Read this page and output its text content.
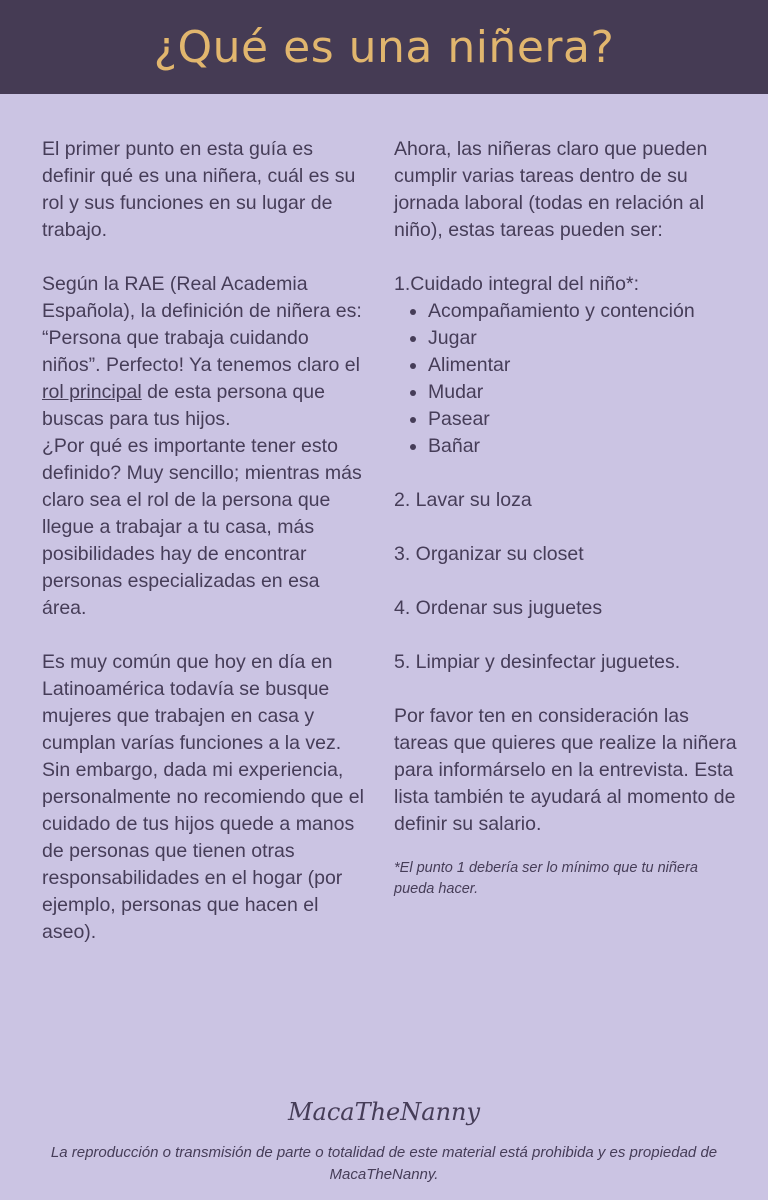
¿Qué es una niñera?

El primer punto en esta guía es definir qué es una niñera, cuál es su rol y sus funciones en su lugar de trabajo.

Según la RAE (Real Academia Española), la definición de niñera es: “Persona que trabaja cuidando niños”. Perfecto! Ya tenemos claro el rol principal de esta persona que buscas para tus hijos.

¿Por qué es importante tener esto definido? Muy sencillo; mientras más claro sea el rol de la persona que llegue a trabajar a tu casa, más posibilidades hay de encontrar personas especializadas en esa área.

Es muy común que hoy en día en Latinoamérica todavía se busque mujeres que trabajen en casa y cumplan varías funciones a la vez. Sin embargo, dada mi experiencia, personalmente no recomiendo que el cuidado de tus hijos quede a manos de personas que tienen otras responsabilidades en el hogar (por ejemplo, personas que hacen el aseo).

Ahora, las niñeras claro que pueden cumplir varias tareas dentro de su jornada laboral (todas en relación al niño), estas tareas pueden ser:

1.Cuidado integral del niño*:

• Acompañamiento y contención
• Jugar
• Alimentar
• Mudar
• Pasear
• Bañar

2. Lavar su loza

3. Organizar su closet

4. Ordenar sus juguetes

5. Limpiar y desinfectar juguetes.

Por favor ten en consideración las tareas que quieres que realize la niñera para informárselo en la entrevista. Esta lista también te ayudará al momento de definir su salario.

*El punto 1 debería ser lo mínimo que tu niñera pueda hacer.

MacaTheNanny
La reproducción o transmisión de parte o totalidad de este material está prohibida y es propiedad de MacaTheNanny.
